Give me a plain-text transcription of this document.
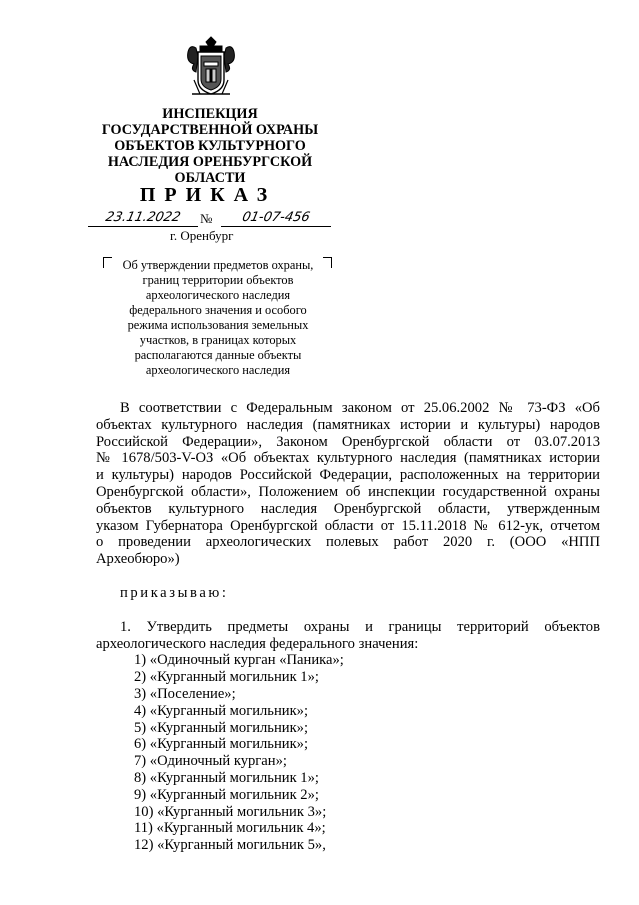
ИНСПЕКЦИЯ
ГОСУДАРСТВЕННОЙ ОХРАНЫ
ОБЪЕКТОВ КУЛЬТУРНОГО
НАСЛЕДИЯ ОРЕНБУРГСКОЙ
ОБЛАСТИ
ПРИКАЗ
23.11.2022	№	01-07-456
г. Оренбург
Об утверждении предметов охраны,
границ территории объектов
археологического наследия
федерального значения и особого
режима использования земельных
участков, в границах которых
располагаются данные объекты
археологического наследия
В соответствии с Федеральным законом от 25.06.2002 № 73-ФЗ «Об
объектах культурного наследия (памятниках истории и культуры) народов
Российской Федерации», Законом Оренбургской области от 03.07.2013
№ 1678/503-V-ОЗ «Об объектах культурного наследия (памятниках истории
и культуры) народов Российской Федерации, расположенных на территории
Оренбургской области», Положением об инспекции государственной охраны
объектов культурного наследия Оренбургской области, утвержденным
указом Губернатора Оренбургской области от 15.11.2018 № 612-ук, отчетом
о проведении археологических полевых работ 2020 г. (ООО «НПП
Археобюро»)
приказываю:
1. Утвердить предметы охраны и границы территорий объектов
археологического наследия федерального значения:
1) «Одиночный курган «Паника»;
2) «Курганный могильник 1»;
3) «Поселение»;
4) «Курганный могильник»;
5) «Курганный могильник»;
6) «Курганный могильник»;
7) «Одиночный курган»;
8) «Курганный могильник 1»;
9) «Курганный могильник 2»;
10) «Курганный могильник 3»;
11) «Курганный могильник 4»;
12) «Курганный могильник 5»,
